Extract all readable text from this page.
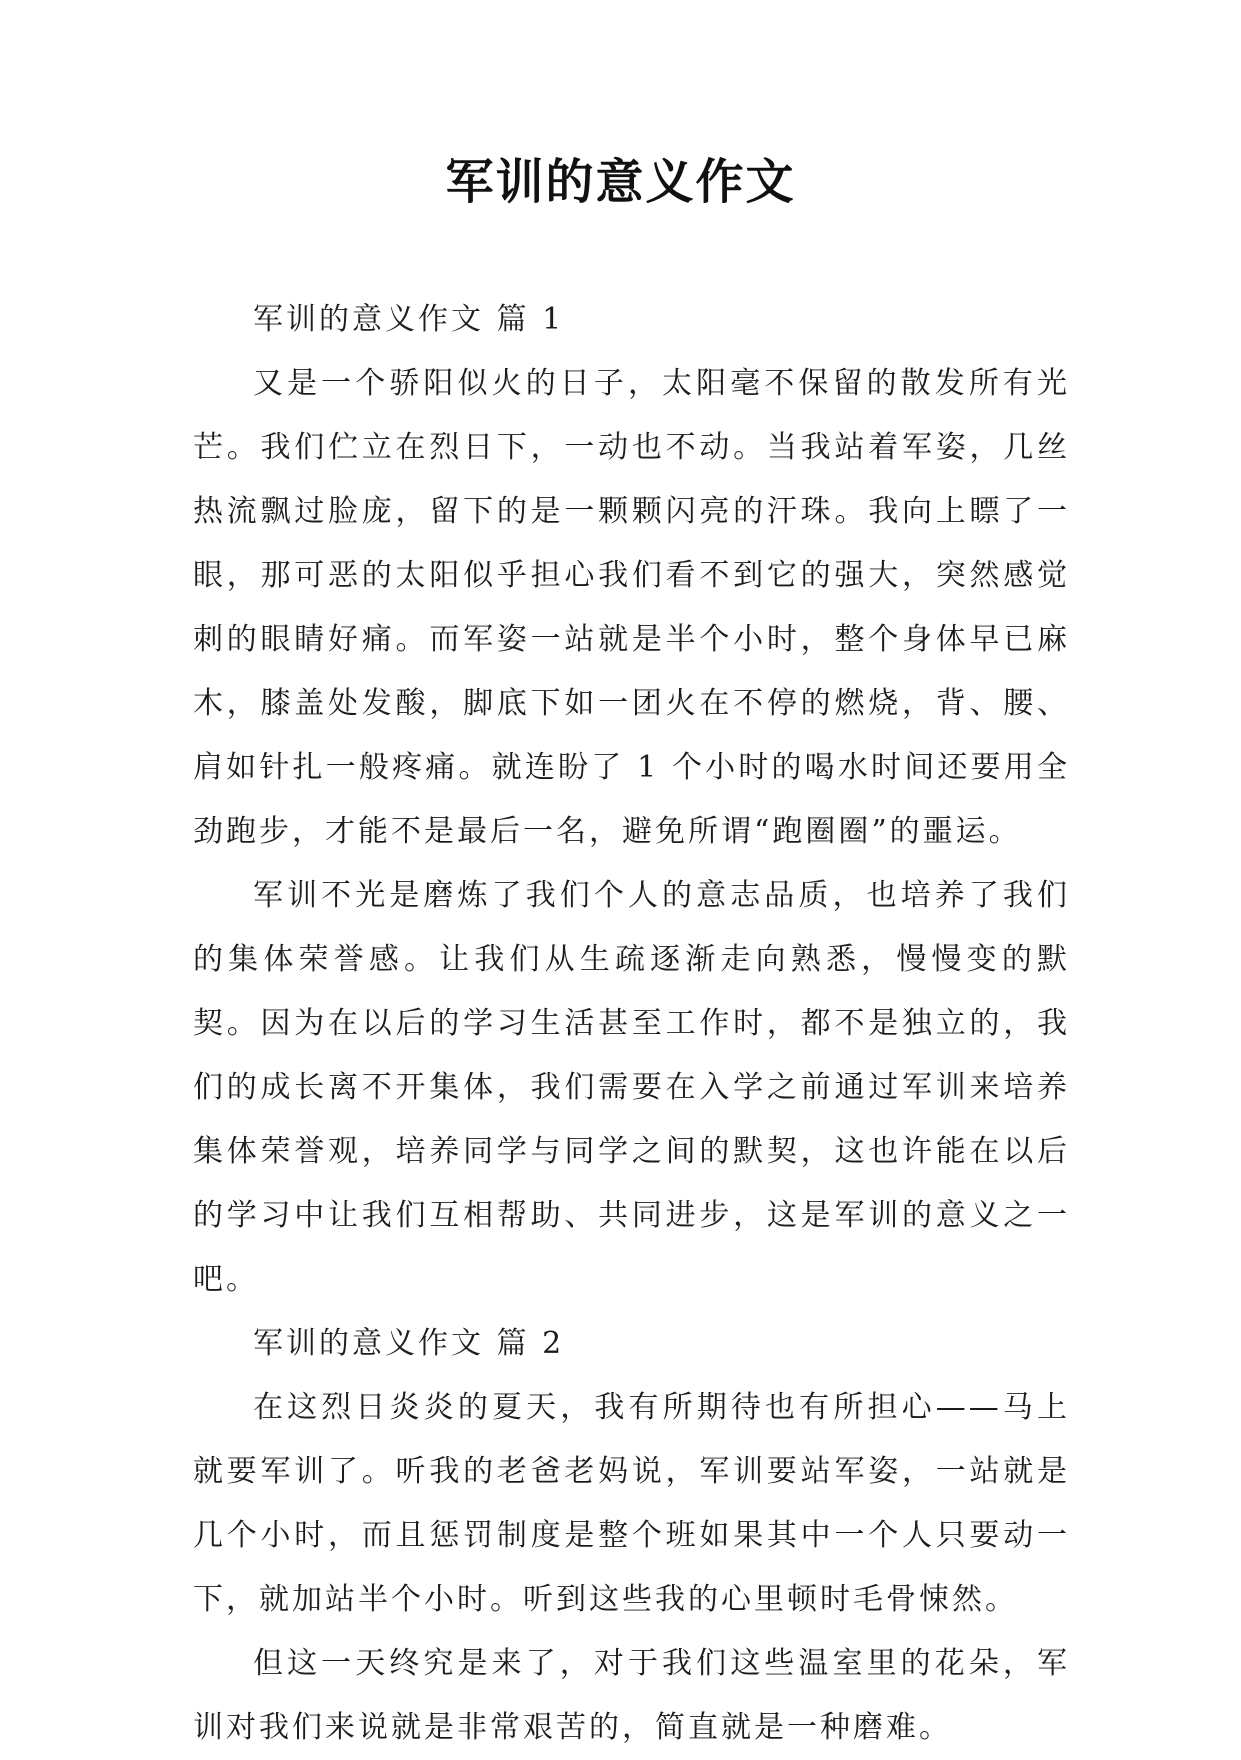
军训的意义作文

军训的意义作文 篇 1

又是一个骄阳似火的日子，太阳毫不保留的散发所有光芒。我们伫立在烈日下，一动也不动。当我站着军姿，几丝热流飘过脸庞，留下的是一颗颗闪亮的汗珠。我向上瞟了一眼，那可恶的太阳似乎担心我们看不到它的强大，突然感觉刺的眼睛好痛。而军姿一站就是半个小时，整个身体早已麻木，膝盖处发酸，脚底下如一团火在不停的燃烧，背、腰、肩如针扎一般疼痛。就连盼了 1 个小时的喝水时间还要用全劲跑步，才能不是最后一名，避免所谓“跑圈圈”的噩运。

军训不光是磨炼了我们个人的意志品质，也培养了我们的集体荣誉感。让我们从生疏逐渐走向熟悉，慢慢变的默契。因为在以后的学习生活甚至工作时，都不是独立的，我们的成长离不开集体，我们需要在入学之前通过军训来培养集体荣誉观，培养同学与同学之间的默契，这也许能在以后的学习中让我们互相帮助、共同进步，这是军训的意义之一吧。

军训的意义作文 篇 2

在这烈日炎炎的夏天，我有所期待也有所担心——马上就要军训了。听我的老爸老妈说，军训要站军姿，一站就是几个小时，而且惩罚制度是整个班如果其中一个人只要动一下，就加站半个小时。听到这些我的心里顿时毛骨悚然。

但这一天终究是来了，对于我们这些温室里的花朵，军训对我们来说就是非常艰苦的，简直就是一种磨难。
